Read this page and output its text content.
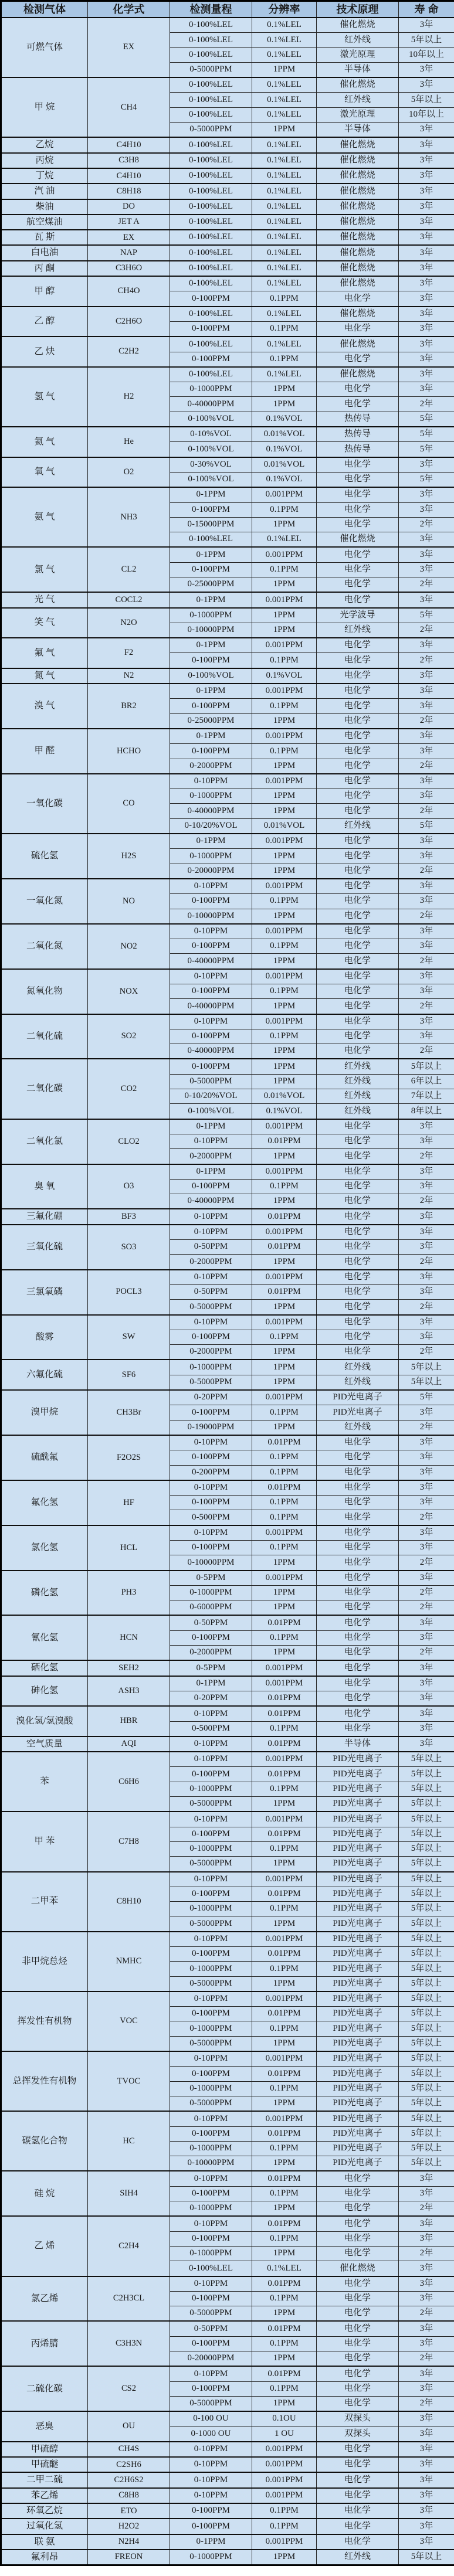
检测气体	化学式	检测量程	分辨率	技术原理	寿 命
可燃气体	EX	0-100%LEL	0.1%LEL	催化燃烧	3年
		0-100%LEL	0.1%LEL	红外线	5年以上
		0-100%LEL	0.1%LEL	激光原理	10年以上
		0-5000PPM	1PPM	半导体	3年
甲 烷	CH4	0-100%LEL	0.1%LEL	催化燃烧	3年
		0-100%LEL	0.1%LEL	红外线	5年以上
		0-100%LEL	0.1%LEL	激光原理	10年以上
		0-5000PPM	1PPM	半导体	3年
乙烷	C4H10	0-100%LEL	0.1%LEL	催化燃烧	3年
丙烷	C3H8	0-100%LEL	0.1%LEL	催化燃烧	3年
丁烷	C4H10	0-100%LEL	0.1%LEL	催化燃烧	3年
汽 油	C8H18	0-100%LEL	0.1%LEL	催化燃烧	3年
柴油	DO	0-100%LEL	0.1%LEL	催化燃烧	3年
航空煤油	JET A	0-100%LEL	0.1%LEL	催化燃烧	3年
瓦 斯	EX	0-100%LEL	0.1%LEL	催化燃烧	3年
白电油	NAP	0-100%LEL	0.1%LEL	催化燃烧	3年
丙 酮	C3H6O	0-100%LEL	0.1%LEL	催化燃烧	3年
甲 醇	CH4O	0-100%LEL	0.1%LEL	催化燃烧	3年
		0-100PPM	0.1PPM	电化学	3年
乙 醇	C2H6O	0-100%LEL	0.1%LEL	催化燃烧	3年
		0-100PPM	0.1PPM	电化学	3年
乙 炔	C2H2	0-100%LEL	0.1%LEL	催化燃烧	3年
		0-100PPM	0.1PPM	电化学	3年
氢 气	H2	0-100%LEL	0.1%LEL	催化燃烧	3年
		0-1000PPM	1PPM	电化学	3年
		0-40000PPM	1PPM	电化学	2年
		0-100%VOL	0.1%VOL	热传导	5年
氦 气	He	0-10%VOL	0.01%VOL	热传导	5年
		0-100%VOL	0.1%VOL	热传导	5年
氧 气	O2	0-30%VOL	0.01%VOL	电化学	3年
		0-100%VOL	0.1%VOL	电化学	5年
氨 气	NH3	0-1PPM	0.001PPM	电化学	3年
		0-100PPM	0.1PPM	电化学	3年
		0-15000PPM	1PPM	电化学	2年
		0-100%LEL	0.1%LEL	催化燃烧	3年
氯 气	CL2	0-1PPM	0.001PPM	电化学	3年
		0-100PPM	0.1PPM	电化学	3年
		0-25000PPM	1PPM	电化学	2年
光 气	COCL2	0-1PPM	0.001PPM	电化学	3年
笑 气	N2O	0-1000PPM	1PPM	光学波导	5年
		0-10000PPM	1PPM	红外线	2年
氟 气	F2	0-1PPM	0.001PPM	电化学	3年
		0-100PPM	0.1PPM	电化学	2年
氮 气	N2	0-100%VOL	0.1%VOL	电化学	3年
溴 气	BR2	0-1PPM	0.001PPM	电化学	3年
		0-100PPM	0.1PPM	电化学	3年
		0-25000PPM	1PPM	电化学	2年
甲 醛	HCHO	0-1PPM	0.001PPM	电化学	3年
		0-100PPM	0.1PPM	电化学	3年
		0-2000PPM	1PPM	电化学	2年
一氧化碳	CO	0-10PPM	0.001PPM	电化学	3年
		0-1000PPM	1PPM	电化学	3年
		0-40000PPM	1PPM	电化学	2年
		0-10/20%VOL	0.01%VOL	红外线	5年
硫化氢	H2S	0-1PPM	0.001PPM	电化学	3年
		0-1000PPM	1PPM	电化学	3年
		0-20000PPM	1PPM	电化学	2年
一氧化氮	NO	0-10PPM	0.001PPM	电化学	3年
		0-100PPM	0.1PPM	电化学	3年
		0-10000PPM	1PPM	电化学	2年
二氧化氮	NO2	0-10PPM	0.001PPM	电化学	3年
		0-100PPM	0.1PPM	电化学	3年
		0-40000PPM	1PPM	电化学	2年
氮氧化物	NOX	0-10PPM	0.001PPM	电化学	3年
		0-100PPM	0.1PPM	电化学	3年
		0-40000PPM	1PPM	电化学	2年
二氧化硫	SO2	0-10PPM	0.001PPM	电化学	3年
		0-100PPM	0.1PPM	电化学	3年
		0-40000PPM	1PPM	电化学	2年
二氧化碳	CO2	0-100PPM	1PPM	红外线	5年以上
		0-5000PPM	1PPM	红外线	6年以上
		0-10/20%VOL	0.01%VOL	红外线	7年以上
		0-100%VOL	0.1%VOL	红外线	8年以上
二氧化氯	CLO2	0-1PPM	0.001PPM	电化学	3年
		0-10PPM	0.01PPM	电化学	3年
		0-2000PPM	1PPM	电化学	2年
臭 氧	O3	0-1PPM	0.001PPM	电化学	3年
		0-100PPM	0.1PPM	电化学	3年
		0-40000PPM	1PPM	电化学	2年
三氟化硼	BF3	0-10PPM	0.01PPM	电化学	3年
三氧化硫	SO3	0-10PPM	0.001PPM	电化学	3年
		0-50PPM	0.01PPM	电化学	3年
		0-2000PPM	1PPM	电化学	2年
三氯氧磷	POCL3	0-10PPM	0.001PPM	电化学	3年
		0-50PPM	0.01PPM	电化学	3年
		0-5000PPM	1PPM	电化学	2年
酸雾	SW	0-10PPM	0.001PPM	电化学	3年
		0-100PPM	0.1PPM	电化学	3年
		0-2000PPM	1PPM	电化学	2年
六氟化硫	SF6	0-1000PPM	1PPM	红外线	5年以上
		0-5000PPM	1PPM	红外线	5年以上
溴甲烷	CH3Br	0-20PPM	0.001PPM	PID光电离子	5年
		0-100PPM	0.1PPM	PID光电离子	3年
		0-19000PPM	1PPM	红外线	2年
硫酰氟	F2O2S	0-10PPM	0.01PPM	电化学	3年
		0-100PPM	0.1PPM	电化学	3年
		0-200PPM	0.1PPM	电化学	3年
氟化氢	HF	0-10PPM	0.01PPM	电化学	3年
		0-100PPM	0.1PPM	电化学	3年
		0-500PPM	0.1PPM	电化学	2年
氯化氢	HCL	0-10PPM	0.001PPM	电化学	3年
		0-100PPM	0.1PPM	电化学	3年
		0-10000PPM	1PPM	电化学	2年
磷化氢	PH3	0-5PPM	0.001PPM	电化学	3年
		0-1000PPM	1PPM	电化学	2年
		0-6000PPM	1PPM	电化学	2年
氰化氢	HCN	0-50PPM	0.01PPM	电化学	3年
		0-100PPM	0.1PPM	电化学	3年
		0-2000PPM	1PPM	电化学	2年
硒化氢	SEH2	0-5PPM	0.001PPM	电化学	3年
砷化氢	ASH3	0-1PPM	0.001PPM	电化学	3年
		0-20PPM	0.01PPM	电化学	3年
溴化氢/氢溴酸	HBR	0-10PPM	0.01PPM	电化学	3年
		0-500PPM	0.1PPM	电化学	3年
空气质量	AQI	0-10PPM	0.01PPM	半导体	3年
苯	C6H6	0-10PPM	0.001PPM	PID光电离子	5年以上
		0-100PPM	0.01PPM	PID光电离子	5年以上
		0-1000PPM	0.1PPM	PID光电离子	5年以上
		0-5000PPM	1PPM	PID光电离子	5年以上
甲 苯	C7H8	0-10PPM	0.001PPM	PID光电离子	5年以上
		0-100PPM	0.01PPM	PID光电离子	5年以上
		0-1000PPM	0.1PPM	PID光电离子	5年以上
		0-5000PPM	1PPM	PID光电离子	5年以上
二甲苯	C8H10	0-10PPM	0.001PPM	PID光电离子	5年以上
		0-100PPM	0.01PPM	PID光电离子	5年以上
		0-1000PPM	0.1PPM	PID光电离子	5年以上
		0-5000PPM	1PPM	PID光电离子	5年以上
非甲烷总烃	NMHC	0-10PPM	0.001PPM	PID光电离子	5年以上
		0-100PPM	0.01PPM	PID光电离子	5年以上
		0-1000PPM	0.1PPM	PID光电离子	5年以上
		0-5000PPM	1PPM	PID光电离子	5年以上
挥发性有机物	VOC	0-10PPM	0.001PPM	PID光电离子	5年以上
		0-100PPM	0.01PPM	PID光电离子	5年以上
		0-1000PPM	0.1PPM	PID光电离子	5年以上
		0-5000PPM	1PPM	PID光电离子	5年以上
总挥发性有机物	TVOC	0-10PPM	0.001PPM	PID光电离子	5年以上
		0-100PPM	0.01PPM	PID光电离子	5年以上
		0-1000PPM	0.1PPM	PID光电离子	5年以上
		0-5000PPM	1PPM	PID光电离子	5年以上
碳氢化合物	HC	0-10PPM	0.001PPM	PID光电离子	5年以上
		0-100PPM	0.01PPM	PID光电离子	5年以上
		0-1000PPM	0.1PPM	PID光电离子	5年以上
		0-10000PPM	1PPM	PID光电离子	5年以上
硅 烷	SIH4	0-10PPM	0.01PPM	电化学	3年
		0-100PPM	0.1PPM	电化学	3年
		0-1000PPM	1PPM	电化学	2年
乙 烯	C2H4	0-10PPM	0.01PPM	电化学	3年
		0-100PPM	0.1PPM	电化学	3年
		0-1000PPM	1PPM	电化学	2年
		0-100%LEL	0.1%LEL	催化燃烧	3年
氯乙烯	C2H3CL	0-10PPM	0.01PPM	电化学	3年
		0-100PPM	0.1PPM	电化学	3年
		0-5000PPM	1PPM	电化学	2年
丙烯腈	C3H3N	0-50PPM	0.01PPM	电化学	3年
		0-100PPM	0.1PPM	电化学	3年
		0-20000PPM	1PPM	电化学	2年
二硫化碳	CS2	0-10PPM	0.01PPM	电化学	3年
		0-100PPM	0.1PPM	电化学	3年
		0-5000PPM	1PPM	电化学	2年
恶臭	OU	0-100 OU	0.1OU	双探头	3年
		0-1000 OU	1 OU	双探头	3年
甲硫醇	CH4S	0-10PPM	0.001PPM	电化学	3年
甲硫醚	C2SH6	0-10PPM	0.001PPM	电化学	3年
二甲二硫	C2H6S2	0-10PPM	0.001PPM	电化学	3年
苯乙烯	C8H8	0-10PPM	0.001PPM	电化学	3年
环氧乙烷	ETO	0-100PPM	0.1PPM	电化学	3年
过氧化氢	H2O2	0-100PPM	0.1PPM	电化学	3年
联 氨	N2H4	0-1PPM	0.001PPM	电化学	3年
氟利昂	FREON	0-1000PPM	1PPM	红外线	5年以上
